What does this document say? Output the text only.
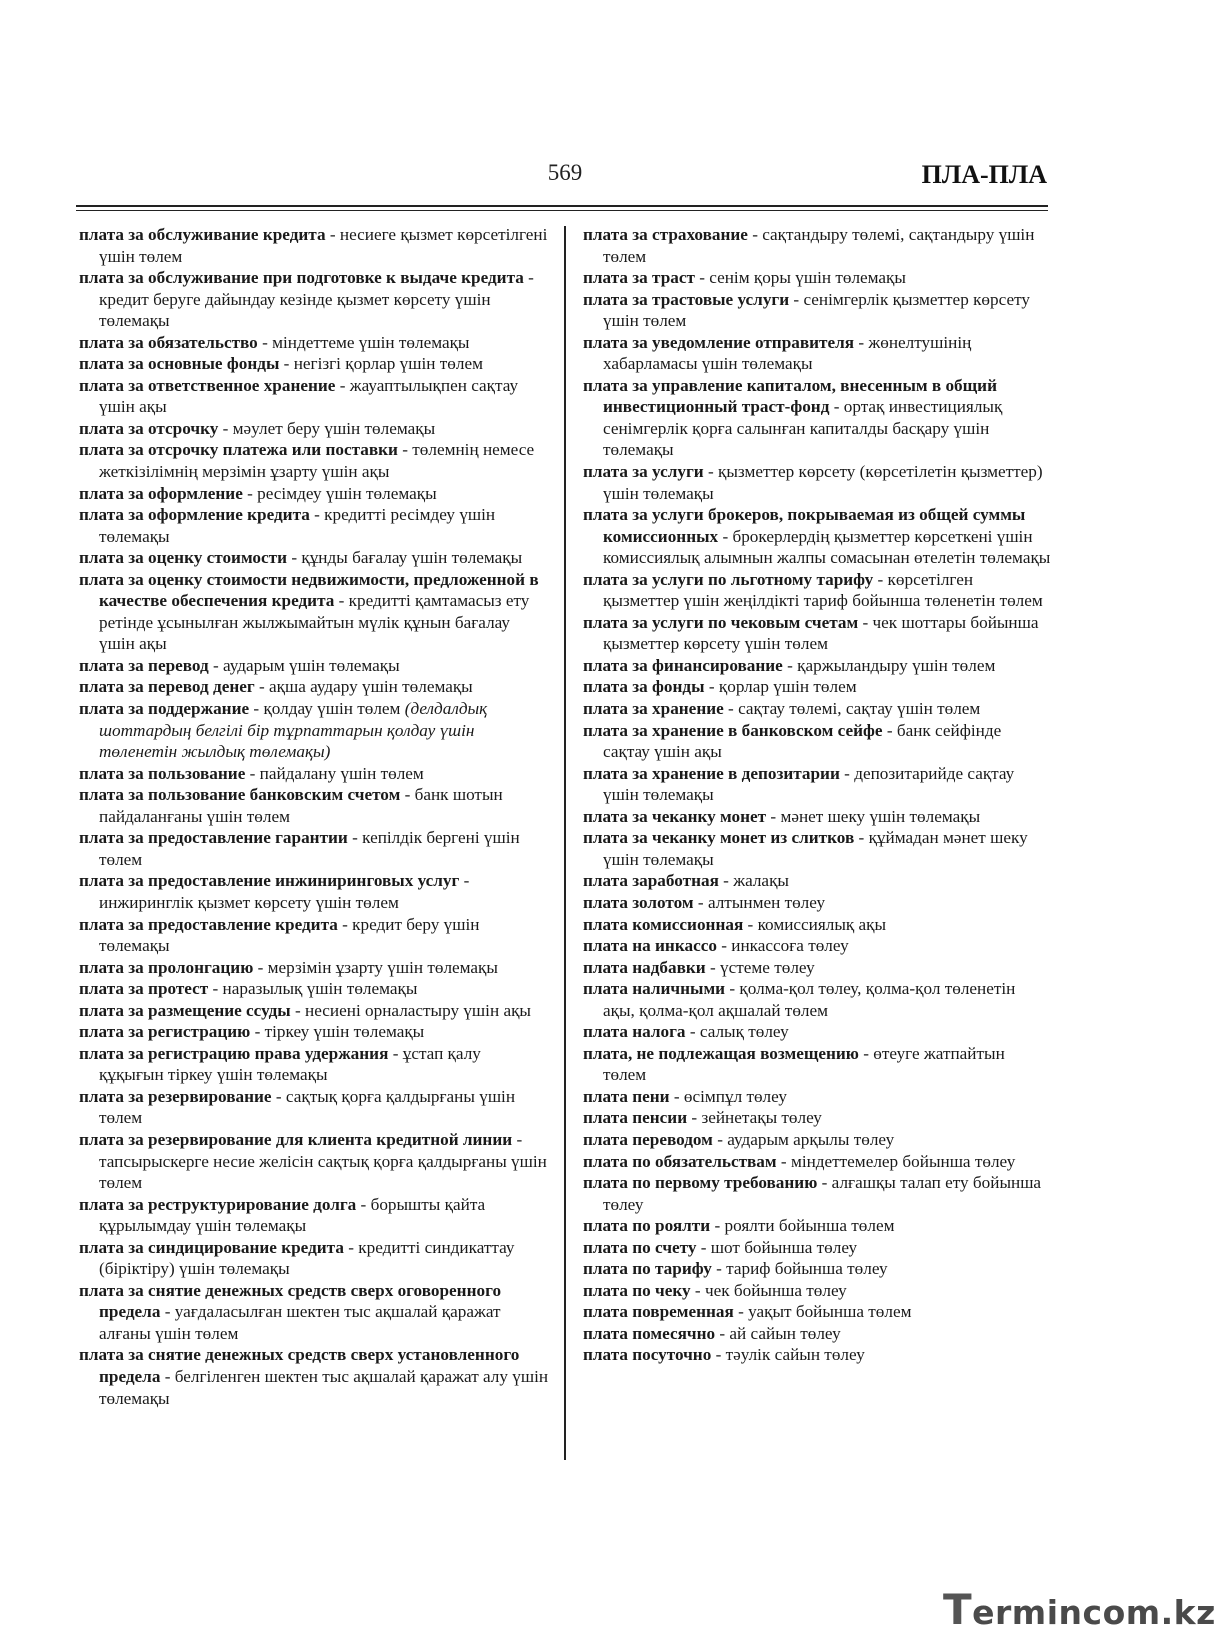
569	ПЛА-ПЛА
плата за обслуживание кредита - несиеге қызмет көрсетілгені үшін төлем
плата за обслуживание при подготовке к выдаче кредита - кредит беруге дайындау кезінде қызмет көрсету үшін төлемақы
плата за обязательство - міндеттеме үшін төлемақы
плата за основные фонды - негізгі қорлар үшін төлем
плата за ответственное хранение - жауаптылықпен сақтау үшін ақы
плата за отсрочку - мəулет беру үшін төлемақы
плата за отсрочку платежа или поставки - төлемнің немесе жеткізілімнің мерзімін ұзарту үшін ақы
плата за оформление - ресімдеу үшін төлемақы
плата за оформление кредита - кредитті ресімдеу үшін төлемақы
плата за оценку стоимости - құнды бағалау үшін төлемақы
плата за оценку стоимости недвижимости, предложенной в качестве обеспечения кредита - кредитті қамтамасыз ету ретінде ұсынылған жылжымайтын мүлік құнын бағалау үшін ақы
плата за перевод - аударым үшін төлемақы
плата за перевод денег - ақша аудару үшін төлемақы
плата за поддержание - қолдау үшін төлем (делдалдық шоттардың белгілі бір тұрпаттарын қолдау үшін төленетін жылдық төлемақы)
плата за пользование - пайдалану үшін төлем
плата за пользование банковским счетом - банк шотын пайдаланғаны үшін төлем
плата за предоставление гарантии - кепілдік бергені үшін төлем
плата за предоставление инжиниринговых услуг - инжиринглік қызмет көрсету үшін төлем
плата за предоставление кредита - кредит беру үшін төлемақы
плата за пролонгацию - мерзімін ұзарту үшін төлемақы
плата за протест - наразылық үшін төлемақы
плата за размещение ссуды - несиені орналастыру үшін ақы
плата за регистрацию - тіркеу үшін төлемақы
плата за регистрацию права удержания - ұстап қалу құқығын тіркеу үшін төлемақы
плата за резервирование - сақтық қорға қалдырғаны үшін төлем
плата за резервирование для клиента кредитной линии - тапсырыскерге несие желісін сақтық қорға қалдырғаны үшін төлем
плата за реструктурирование долга - борышты қайта құрылымдау үшін төлемақы
плата за синдицирование кредита - кредитті синдикаттау (біріктіру) үшін төлемақы
плата за снятие денежных средств сверх оговоренного предела - уағдаласылған шектен тыс ақшалай қаражат алғаны үшін төлем
плата за снятие денежных средств сверх установленного предела - белгіленген шектен тыс ақшалай қаражат алу үшін төлемақы
плата за страхование - сақтандыру төлемі, сақтандыру үшін төлем
плата за траст - сенім қоры үшін төлемақы
плата за трастовые услуги - сенімгерлік қызметтер көрсету үшін төлем
плата за уведомление отправителя - жөнелтушінің хабарламасы үшін төлемақы
плата за управление капиталом, внесенным в общий инвестиционный траст-фонд - ортақ инвестициялық сенімгерлік қорға салынған капиталды басқару үшін төлемақы
плата за услуги - қызметтер көрсету (көрсетілетін қызметтер) үшін төлемақы
плата за услуги брокеров, покрываемая из общей суммы комиссионных - брокерлердің қызметтер көрсеткені үшін комиссиялық алымнын жалпы сомасынан өтелетін төлемақы
плата за услуги по льготному тарифу - көрсетілген қызметтер үшін жеңілдікті тариф бойынша төленетін төлем
плата за услуги по чековым счетам - чек шоттары бойынша қызметтер көрсету үшін төлем
плата за финансирование - қаржыландыру үшін төлем
плата за фонды - қорлар үшін төлем
плата за хранение - сақтау төлемі, сақтау үшін төлем
плата за хранение в банковском сейфе - банк сейфінде сақтау үшін ақы
плата за хранение в депозитарии - депозитарийде сақтау үшін төлемақы
плата за чеканку монет - мəнет шеку үшін төлемақы
плата за чеканку монет из слитков - құймадан мəнет шеку үшін төлемақы
плата заработная - жалақы
плата золотом - алтынмен төлеу
плата комиссионная - комиссиялық ақы
плата на инкассо - инкассоға төлеу
плата надбавки - үстеме төлеу
плата наличными - қолма-қол төлеу, қолма-қол төленетін ақы, қолма-қол ақшалай төлем
плата налога - салық төлеу
плата, не подлежащая возмещению - өтеуге жатпайтын төлем
плата пени - өсімпұл төлеу
плата пенсии - зейнетақы төлеу
плата переводом - аударым арқылы төлеу
плата по обязательствам - міндеттемелер бойынша төлеу
плата по первому требованию - алғашқы талап ету бойынша төлеу
плата по роялти - роялти бойынша төлем
плата по счету - шот бойынша төлеу
плата по тарифу - тариф бойынша төлеу
плата по чеку - чек бойынша төлеу
плата повременная - уақыт бойынша төлем
плата помесячно - ай сайын төлеу
плата посуточно - тəулік сайын төлеу
Termincom.kz
